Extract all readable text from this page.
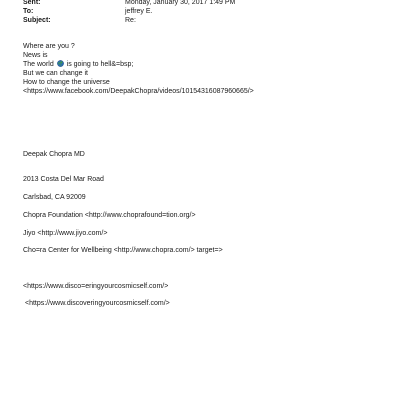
Sent:	Monday, January 30, 2017 1:49 PM
To:	jeffrey E.
Subject:	Re:
Where are you ?
News is
The world is going to hell&=bsp;
But we can change it
How to change the universe
<https://www.facebook.com/DeepakChopra/videos/10154316087960665/>
Deepak Chopra MD
2013 Costa Del Mar Road
Carlsbad, CA 92009
Chopra Foundation <http://www.choprafound=tion.org/>
Jiyo <http://www.jiyo.com/>
Cho=ra Center for Wellbeing <http://www.chopra.com/> target=>
<https://www.disco=eringyourcosmicself.com/>
<https://www.discoveringyourcosmicself.com/>
